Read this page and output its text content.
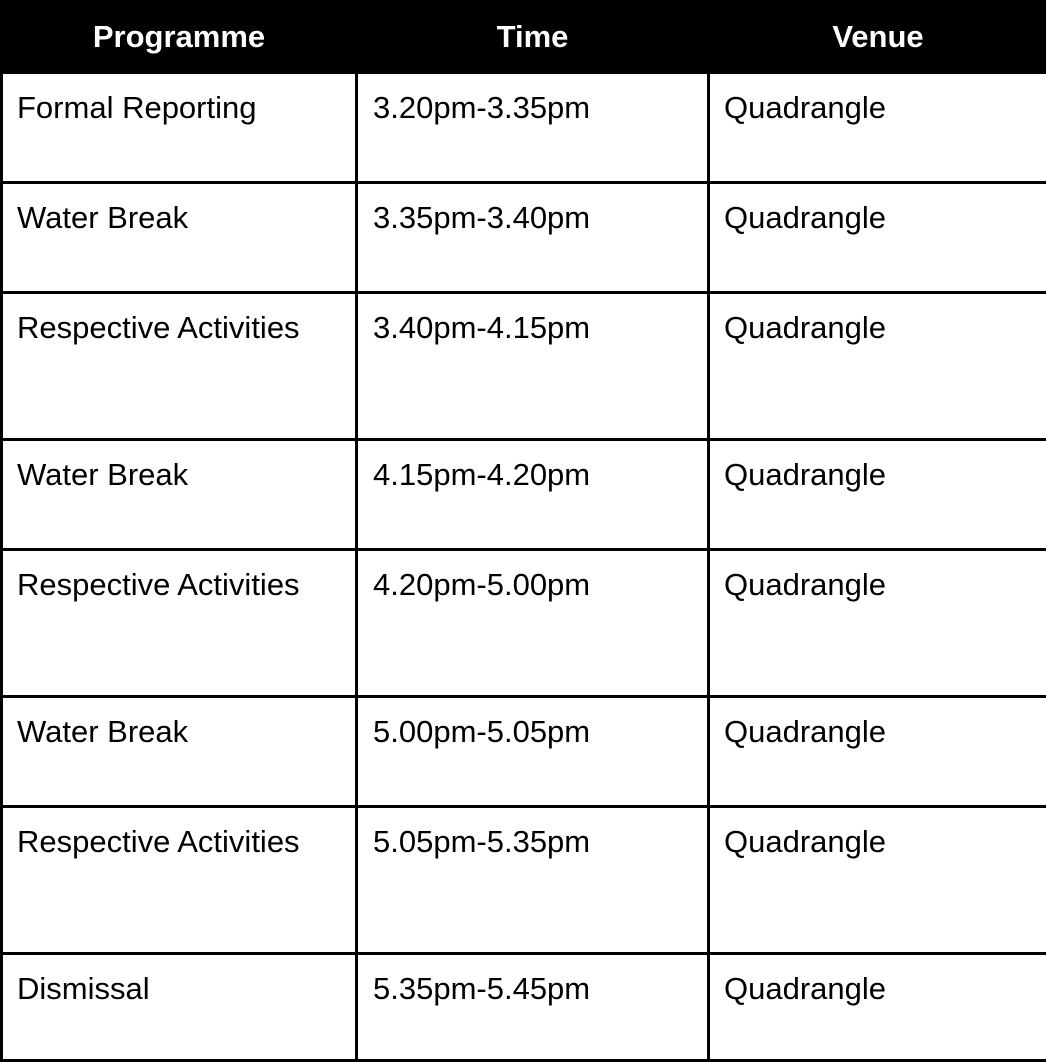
Programme	Time	Venue
Formal Reporting	3.20pm-3.35pm	Quadrangle
Water Break	3.35pm-3.40pm	Quadrangle
Respective Activities	3.40pm-4.15pm	Quadrangle
Water Break	4.15pm-4.20pm	Quadrangle
Respective Activities	4.20pm-5.00pm	Quadrangle
Water Break	5.00pm-5.05pm	Quadrangle
Respective Activities	5.05pm-5.35pm	Quadrangle
Dismissal	5.35pm-5.45pm	Quadrangle
